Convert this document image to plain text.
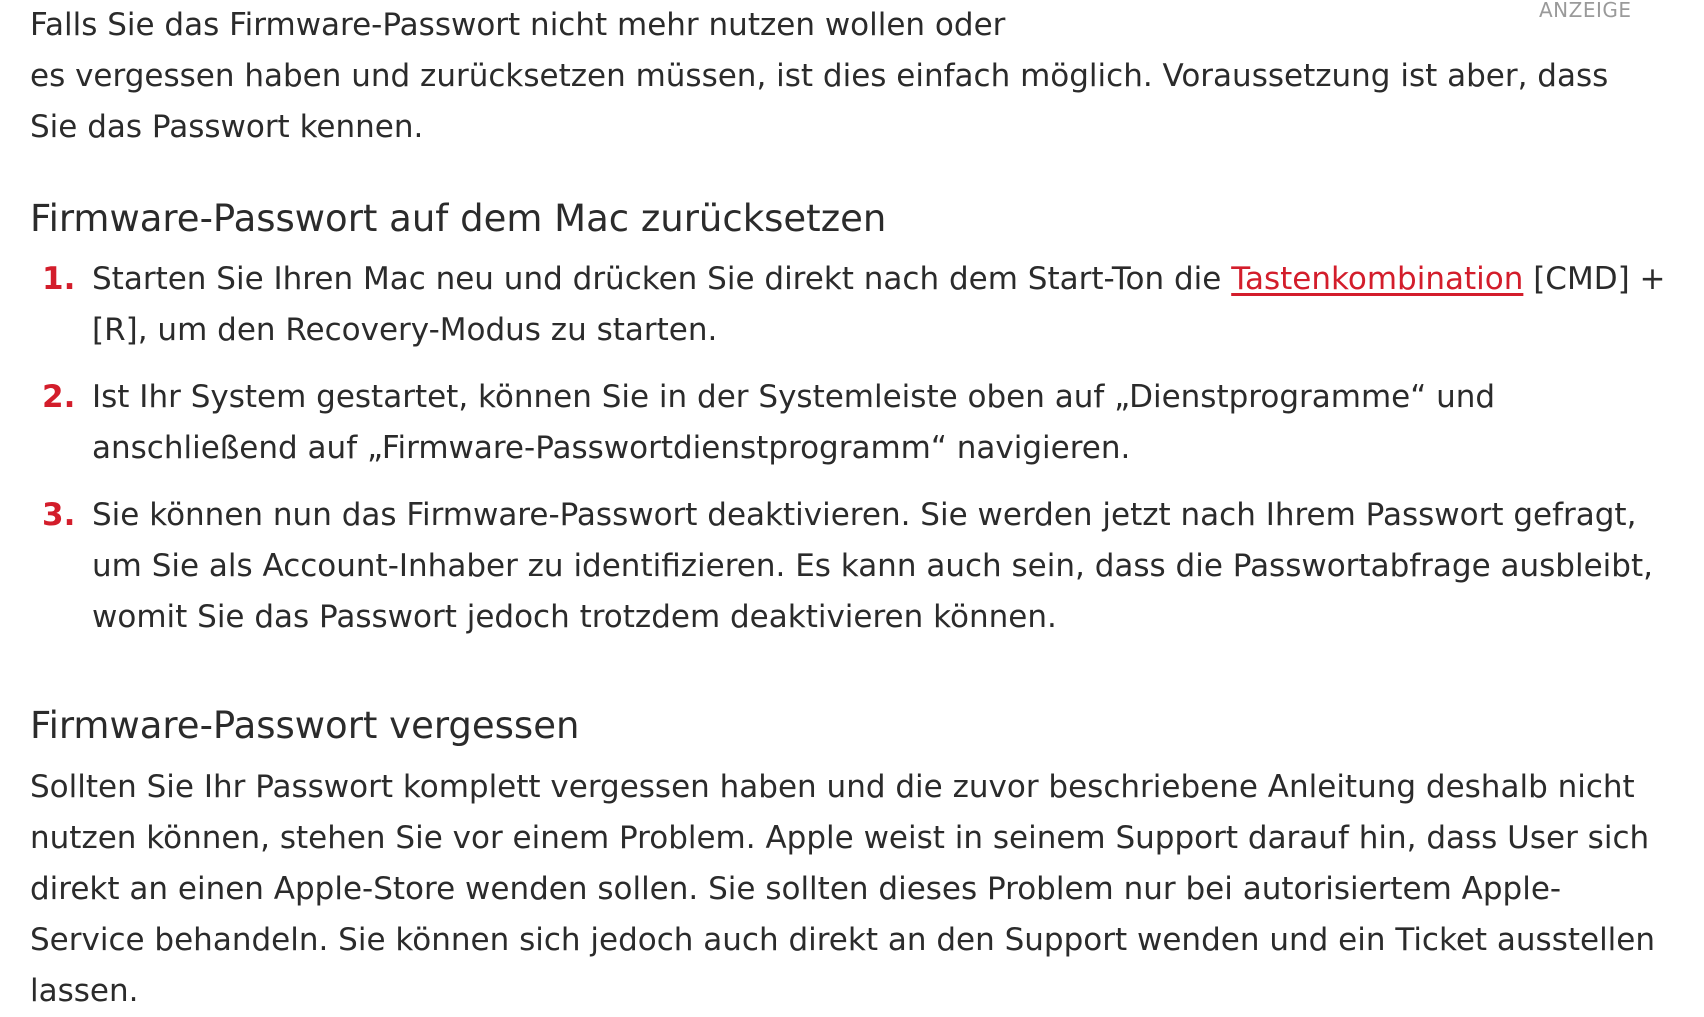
ANZEIGE

Falls Sie das Firmware-Passwort nicht mehr nutzen wollen oder

es vergessen haben und zurücksetzen müssen, ist dies einfach möglich. Voraussetzung ist aber, dass Sie das Passwort kennen.

Firmware-Passwort auf dem Mac zurücksetzen
1. Starten Sie Ihren Mac neu und drücken Sie direkt nach dem Start-Ton die Tastenkombination [CMD] + [R], um den Recovery-Modus zu starten.
2. Ist Ihr System gestartet, können Sie in der Systemleiste oben auf „Dienstprogramme“ und anschließend auf „Firmware-Passwortdienstprogramm“ navigieren.
3. Sie können nun das Firmware-Passwort deaktivieren. Sie werden jetzt nach Ihrem Passwort gefragt, um Sie als Account-Inhaber zu identifizieren. Es kann auch sein, dass die Passwortabfrage ausbleibt, womit Sie das Passwort jedoch trotzdem deaktivieren können.
Firmware-Passwort vergessen

Sollten Sie Ihr Passwort komplett vergessen haben und die zuvor beschriebene Anleitung deshalb nicht nutzen können, stehen Sie vor einem Problem. Apple weist in seinem Support darauf hin, dass User sich direkt an einen Apple-Store wenden sollen. Sie sollten dieses Problem nur bei autorisiertem Apple-Service behandeln. Sie können sich jedoch auch direkt an den Support wenden und ein Ticket ausstellen lassen.
